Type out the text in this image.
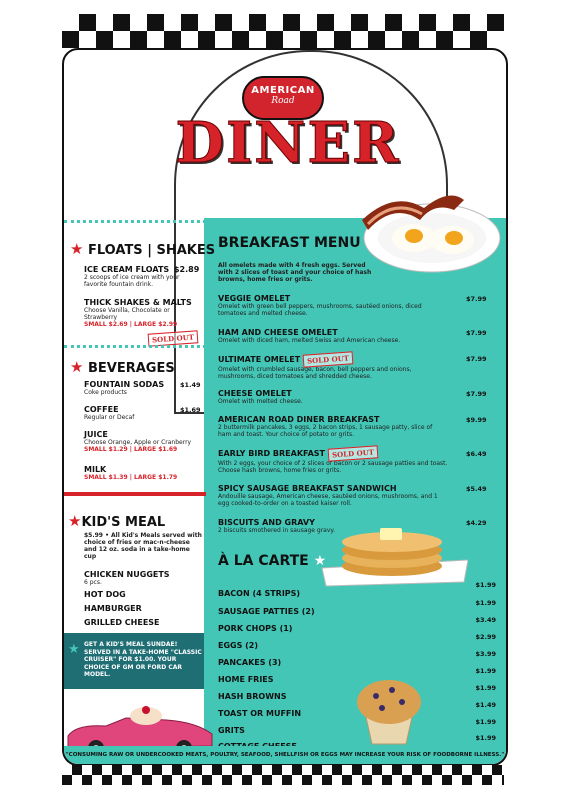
AMERICAN
Road
DINER
★ FLOATS | SHAKES
ICE CREAM FLOATS $2.89
2 scoops of ice cream with your favorite fountain drink.
THICK SHAKES & MALTS
Choose Vanilla, Chocolate or Strawberry
SMALL $2.69 | LARGE $2.99
SOLD OUT
★ BEVERAGES
FOUNTAIN SODAS
Coke products
$1.49
COFFEE
Regular or Decaf
$1.69
JUICE
Choose Orange, Apple or Cranberry
SMALL $1.29 | LARGE $1.69
MILK
SMALL $1.39 | LARGE $1.79
★KID'S MEAL
$5.99 • All Kid's Meals served with choice of fries or mac-n-cheese and 12 oz. soda in a take-home cup
CHICKEN NUGGETS
6 pcs.
HOT DOG
HAMBURGER
GRILLED CHEESE
★ GET A KID'S MEAL SUNDAE! SERVED IN A TAKE-HOME "CLASSIC CRUISER" FOR $1.00. YOUR CHOICE OF GM OR FORD CAR MODEL.
BREAKFAST MENU ★
All omelets made with 4 fresh eggs. Served with 2 slices of toast and your choice of hash browns, home fries or grits.
VEGGIE OMELET
Omelet with green bell peppers, mushrooms, sautéed onions, diced tomatoes and melted cheese.
$7.99
HAM AND CHEESE OMELET
Omelet with diced ham, melted Swiss and American cheese.
$7.99
ULTIMATE OMELET SOLD OUT
Omelet with crumbled sausage, bacon, bell peppers and onions, mushrooms, diced tomatoes and shredded cheese.
$7.99
CHEESE OMELET
Omelet with melted cheese.
$7.99
AMERICAN ROAD DINER BREAKFAST
2 buttermilk pancakes, 3 eggs, 2 bacon strips, 1 sausage patty, slice of ham and toast. Your choice of potato or grits.
$9.99
EARLY BIRD BREAKFAST SOLD OUT
With 2 eggs, your choice of 2 slices of bacon or 2 sausage patties and toast. Choose hash browns, home fries or grits.
$6.49
SPICY SAUSAGE BREAKFAST SANDWICH
Andouille sausage, American cheese, sautéed onions, mushrooms, and 1 egg cooked-to-order on a toasted kaiser roll.
$5.49
BISCUITS AND GRAVY
2 biscuits smothered in sausage gravy.
$4.29
À LA CARTE ★
BACON (4 STRIPS)
$1.99
SAUSAGE PATTIES (2)
$1.99
PORK CHOPS (1)
$3.49
EGGS (2)
$2.99
PANCAKES (3)
$3.99
HOME FRIES
$1.99
HASH BROWNS
$1.99
TOAST OR MUFFIN
$1.49
GRITS
$1.99
$1.99
"CONSUMING RAW OR UNDERCOOKED MEATS, POULTRY, SEAFOOD, SHELLFISH OR EGGS MAY INCREASE YOUR RISK OF FOODBORNE ILLNESS."
